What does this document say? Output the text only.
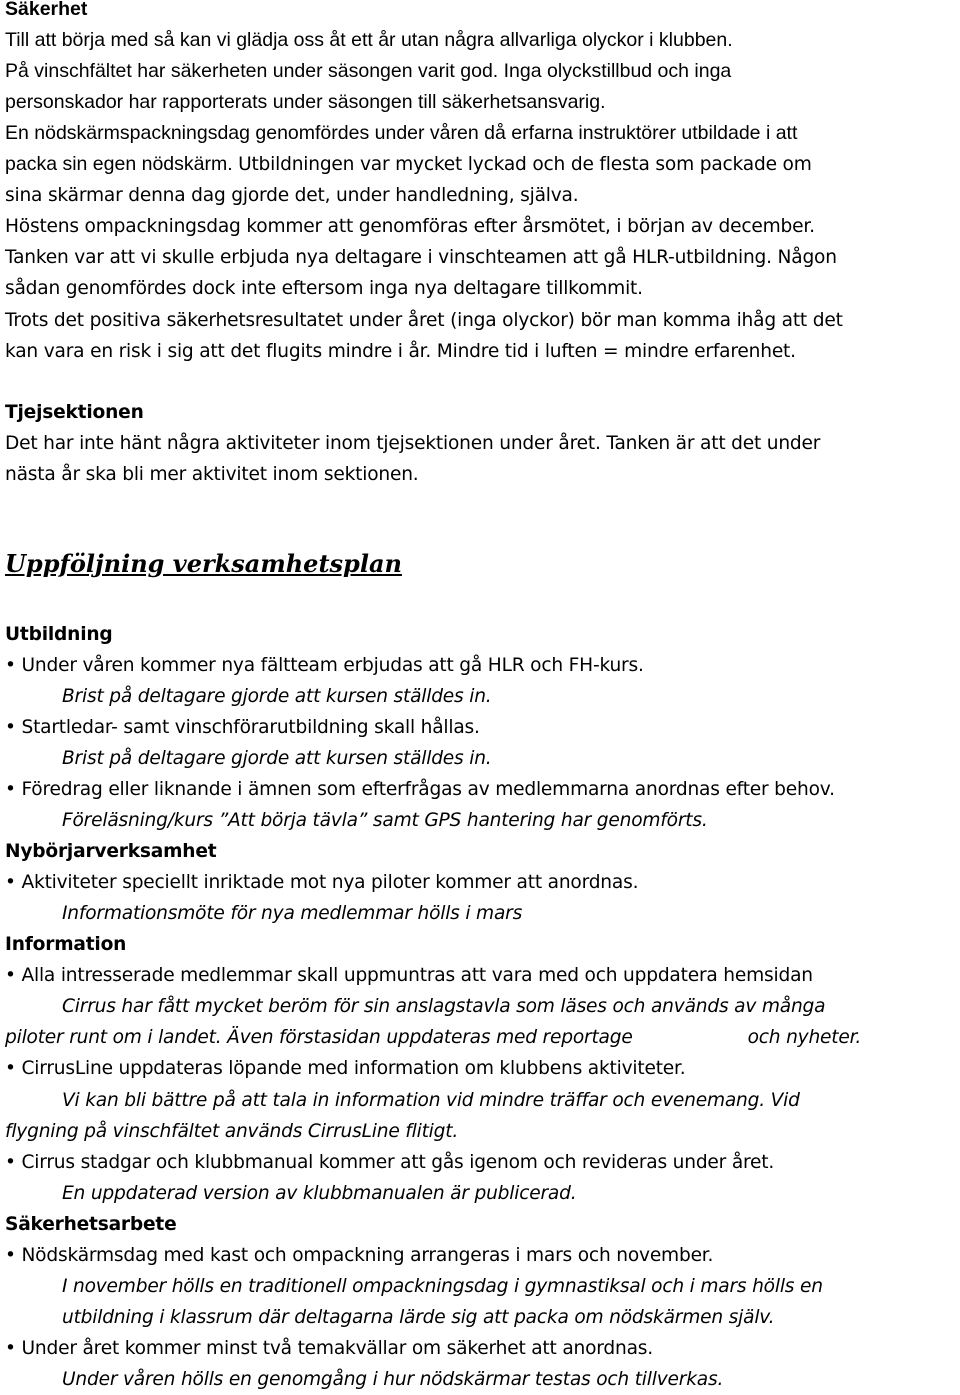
Säkerhet
Till att börja med så kan vi glädja oss åt ett år utan några allvarliga olyckor i klubben.
På vinschfältet har säkerheten under säsongen varit god. Inga olyckstillbud och inga
personskador har rapporterats under säsongen till säkerhetsansvarig.
En nödskärmspackningsdag genomfördes under våren då erfarna instruktörer utbildade i att
packa sin egen nödskärm. Utbildningen var mycket lyckad och de flesta som packade om
sina skärmar denna dag gjorde det, under handledning, själva.
Höstens ompackningsdag kommer att genomföras efter årsmötet, i början av december.
Tanken var att vi skulle erbjuda nya deltagare i vinschteamen att gå HLR-utbildning. Någon
sådan genomfördes dock inte eftersom inga nya deltagare tillkommit.
Trots det positiva säkerhetsresultatet under året (inga olyckor) bör man komma ihåg att det
kan vara en risk i sig att det flugits mindre i år. Mindre tid i luften = mindre erfarenhet.
Tjejsektionen
Det har inte hänt några aktiviteter inom tjejsektionen under året. Tanken är att det under
nästa år ska bli mer aktivitet inom sektionen.
Uppföljning verksamhetsplan
Utbildning
• Under våren kommer nya fältteam erbjudas att gå HLR och FH-kurs.
Brist på deltagare gjorde att kursen ställdes in.
• Startledar- samt vinschförarutbildning skall hållas.
Brist på deltagare gjorde att kursen ställdes in.
• Föredrag eller liknande i ämnen som efterfrågas av medlemmarna anordnas efter behov.
Föreläsning/kurs ”Att börja tävla” samt GPS hantering har genomförts.
Nybörjarverksamhet
• Aktiviteter speciellt inriktade mot nya piloter kommer att anordnas.
Informationsmöte för nya medlemmar hölls i mars
Information
• Alla intresserade medlemmar skall uppmuntras att vara med och uppdatera hemsidan
Cirrus har fått mycket beröm för sin anslagstavla som läses och används av många
piloter runt om i landet. Även förstasidan uppdateras med reportage	och nyheter.
• CirrusLine uppdateras löpande med information om klubbens aktiviteter.
Vi kan bli bättre på att tala in information vid mindre träffar och evenemang. Vid
flygning på vinschfältet används CirrusLine flitigt.
• Cirrus stadgar och klubbmanual kommer att gås igenom och revideras under året.
En uppdaterad version av klubbmanualen är publicerad.
Säkerhetsarbete
• Nödskärmsdag med kast och ompackning arrangeras i mars och november.
I november hölls en traditionell ompackningsdag i gymnastiksal och i mars hölls en
utbildning i klassrum där deltagarna lärde sig att packa om nödskärmen själv.
• Under året kommer minst två temakvällar om säkerhet att anordnas.
Under våren hölls en genomgång i hur nödskärmar testas och tillverkas.
